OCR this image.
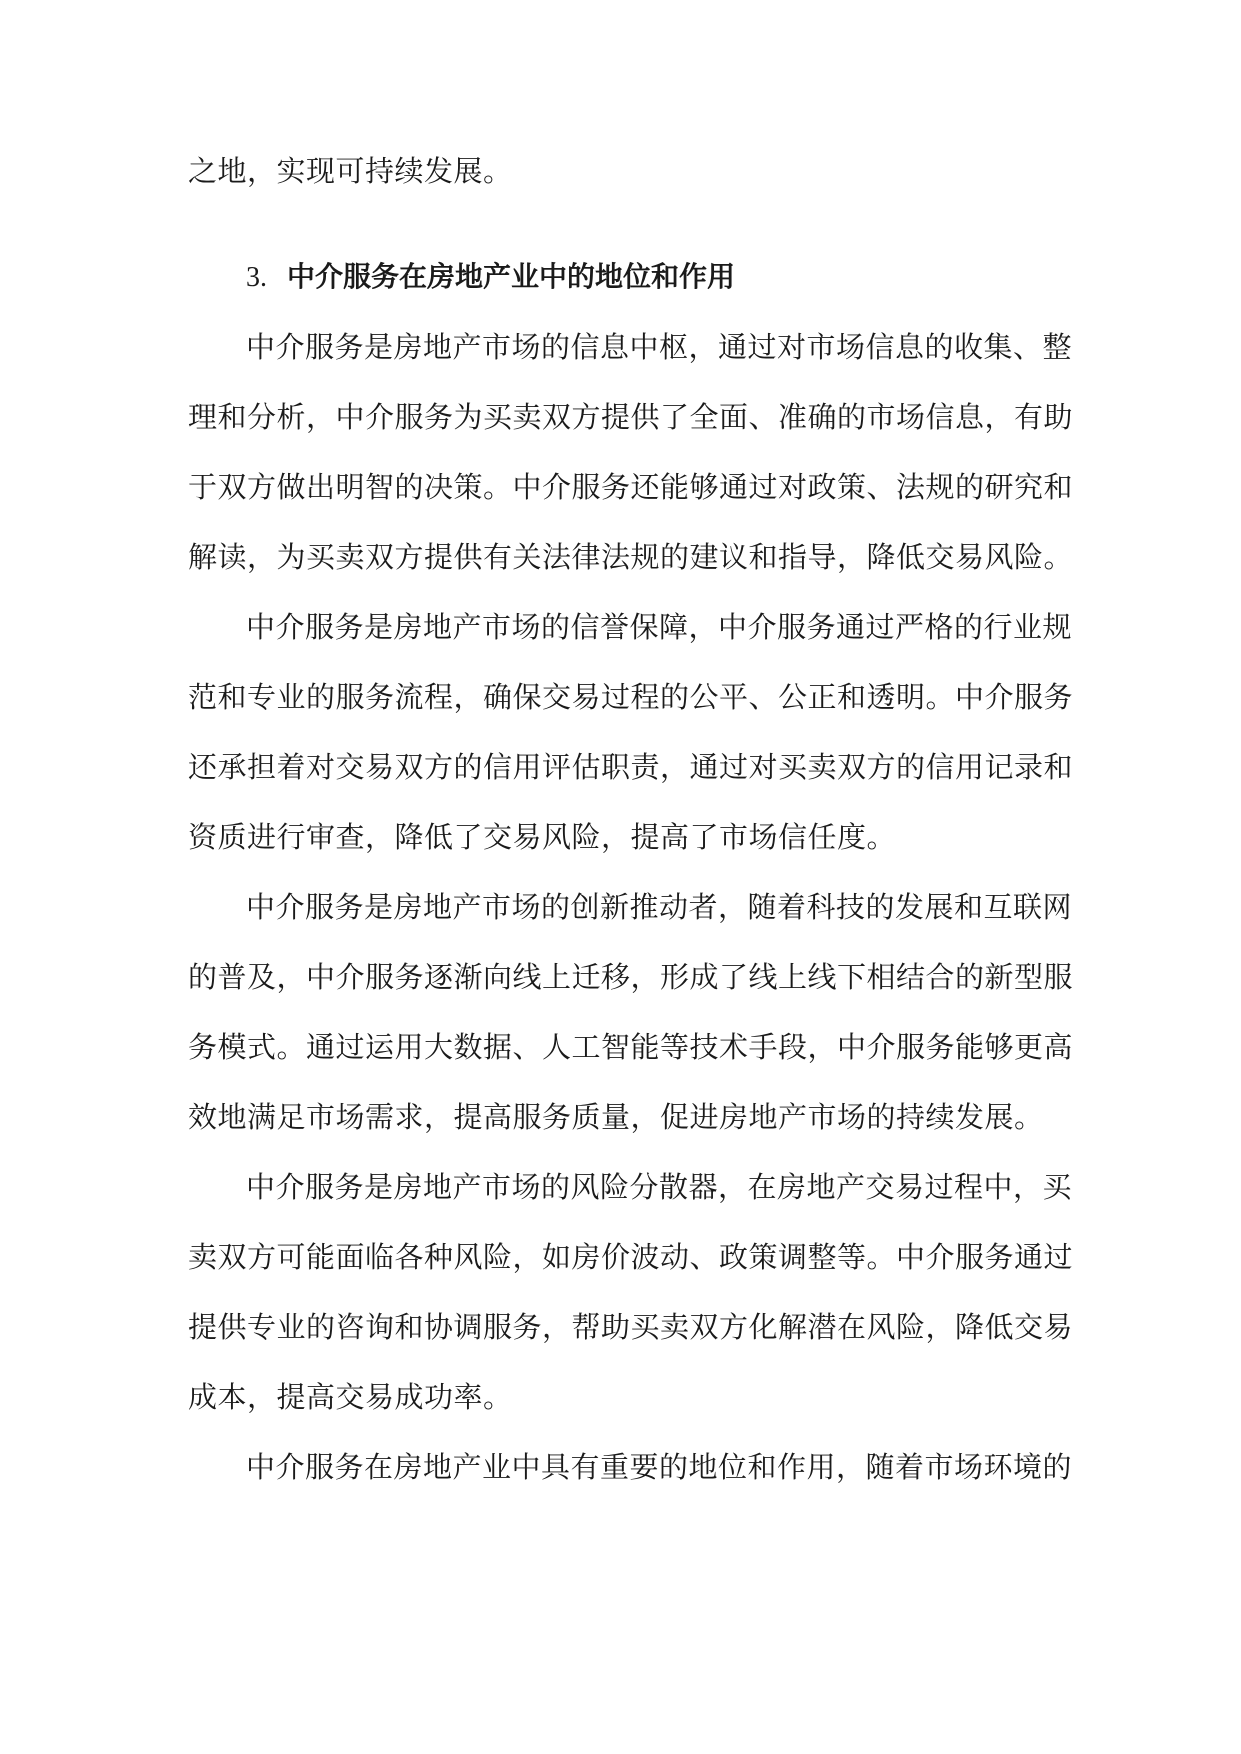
之地，实现可持续发展。
3. 中介服务在房地产业中的地位和作用
中介服务是房地产市场的信息中枢，通过对市场信息的收集、整
理和分析，中介服务为买卖双方提供了全面、准确的市场信息，有助
于双方做出明智的决策。中介服务还能够通过对政策、法规的研究和
解读，为买卖双方提供有关法律法规的建议和指导，降低交易风险。
中介服务是房地产市场的信誉保障，中介服务通过严格的行业规
范和专业的服务流程，确保交易过程的公平、公正和透明。中介服务
还承担着对交易双方的信用评估职责，通过对买卖双方的信用记录和
资质进行审查，降低了交易风险，提高了市场信任度。
中介服务是房地产市场的创新推动者，随着科技的发展和互联网
的普及，中介服务逐渐向线上迁移，形成了线上线下相结合的新型服
务模式。通过运用大数据、人工智能等技术手段，中介服务能够更高
效地满足市场需求，提高服务质量，促进房地产市场的持续发展。
中介服务是房地产市场的风险分散器，在房地产交易过程中，买
卖双方可能面临各种风险，如房价波动、政策调整等。中介服务通过
提供专业的咨询和协调服务，帮助买卖双方化解潜在风险，降低交易
成本，提高交易成功率。
中介服务在房地产业中具有重要的地位和作用，随着市场环境的
